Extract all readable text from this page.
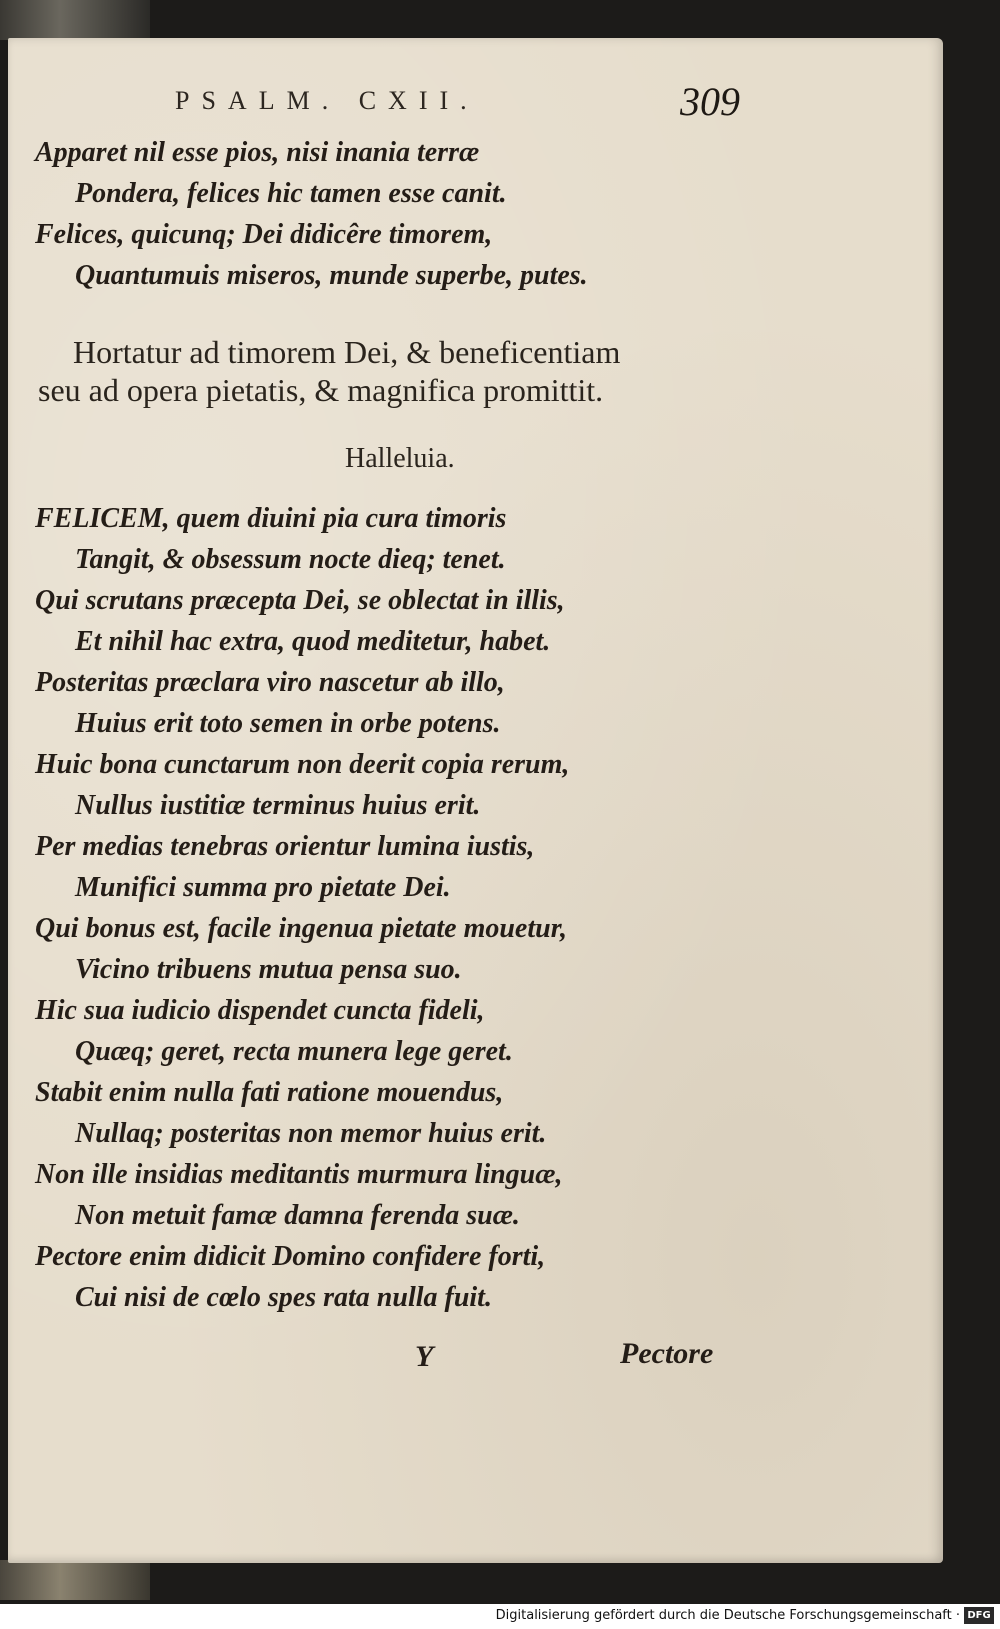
PSALM. CXII.	309
Apparet nil esse pios, nisi inania terræ
Pondera, felices hic tamen esse canit.
Felices, quicunq; Dei didicêre timorem,
Quantumuis miseros, munde superbe, putes.
Hortatur ad timorem Dei, & beneficentiam
seu ad opera pietatis, & magnifica promittit.
Halleluia.
FELICEM, quem diuini pia cura timoris
Tangit, & obsessum nocte dieq; tenet.
Qui scrutans præcepta Dei, se oblectat in illis,
Et nihil hac extra, quod meditetur, habet.
Posteritas præclara viro nascetur ab illo,
Huius erit toto semen in orbe potens.
Huic bona cunctarum non deerit copia rerum,
Nullus iustitiæ terminus huius erit.
Per medias tenebras orientur lumina iustis,
Munifici summa pro pietate Dei.
Qui bonus est, facile ingenua pietate mouetur,
Vicino tribuens mutua pensa suo.
Hic sua iudicio dispendet cuncta fideli,
Quæq; geret, recta munera lege geret.
Stabit enim nulla fati ratione mouendus,
Nullaq; posteritas non memor huius erit.
Non ille insidias meditantis murmura linguæ,
Non metuit famæ damna ferenda suæ.
Pectore enim didicit Domino confidere forti,
Cui nisi de cœlo spes rata nulla fuit.
Y	Pectore
Digitalisierung gefördert durch die Deutsche Forschungsgemeinschaft · DFG
